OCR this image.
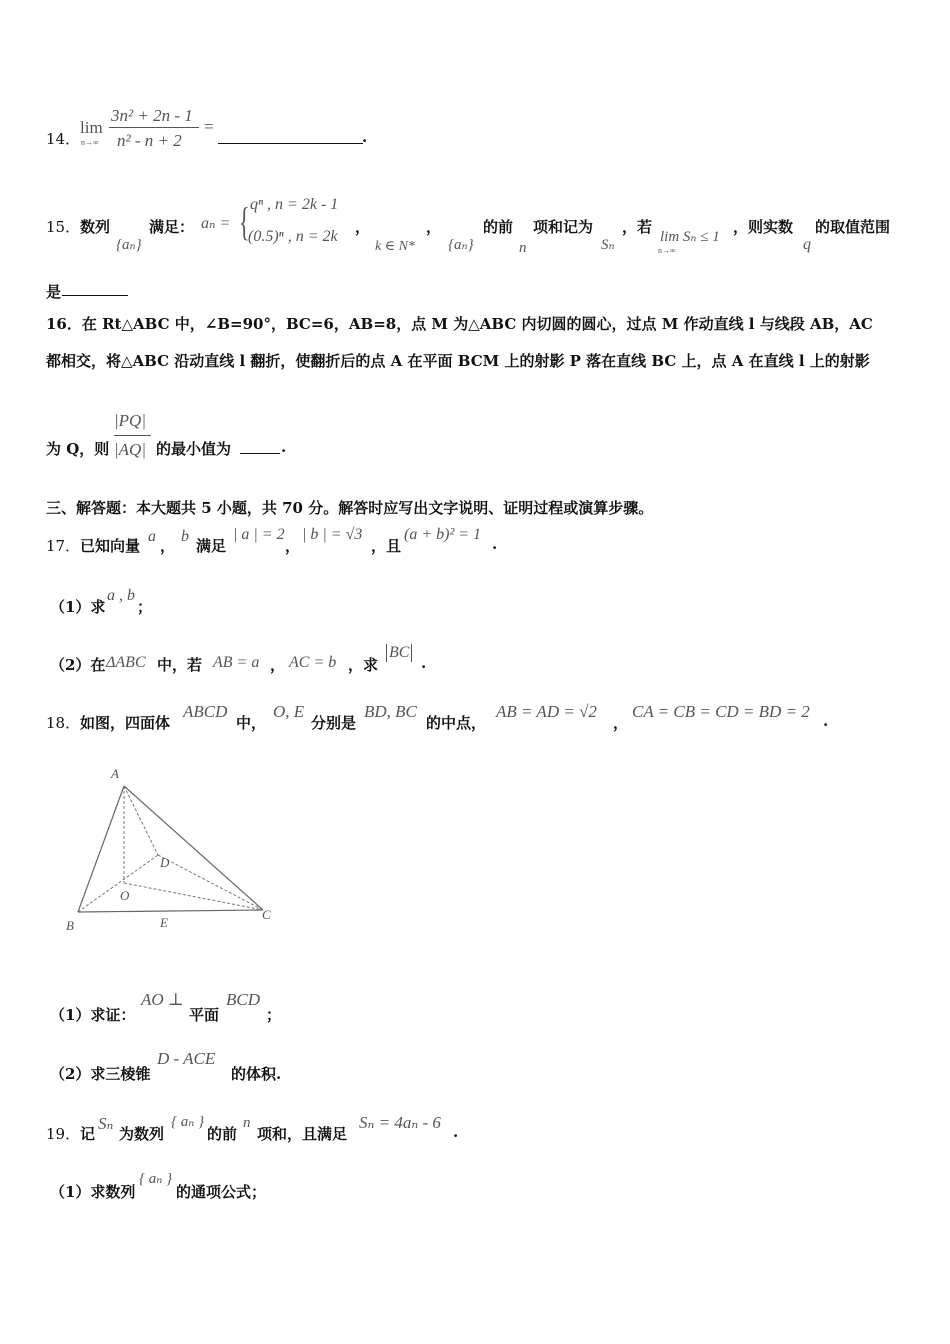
14．
lim
n→∞
3n² + 2n - 1
n² - n + 2
=
.
15． 数列
{aₙ}
满足： aₙ = { qⁿ , n = 2k - 1
(0.5)ⁿ , n = 2k
，
k ∈ N*
，
{aₙ}
的前
n
项和记为
Sₙ
，若
lim Sₙ ≤ 1
n→∞
，则实数
q
的取值范围
是
16．在 Rt△ABC 中，∠B=90°，BC=6，AB=8，点 M 为△ABC 内切圆的圆心，过点 M 作动直线 l 与线段 AB，AC
都相交，将△ABC 沿动直线 l 翻折，使翻折后的点 A 在平面 BCM 上的射影 P 落在直线 BC 上，点 A 在直线 l 上的射影
为 Q，则
|PQ|
|AQ| 的最小值为	.
三、解答题：本大题共 5 小题，共 70 分。解答时应写出文字说明、证明过程或演算步骤。
17． 已知向量
a
，
b
满足
| a | = 2
，
| b | = √3
，且
(a + b)² = 1
.
（1）求
a , b
；
（2）在 ΔABC 中，若 AB = a ， AC = b ，求
BC
.
18． 如图，四面体
ABCD
中，
O, E
分别是
BD, BC
的中点，
AB = AD = √2
，
CA = CB = CD = BD = 2 .
A
D
O
B	E
C
（1）求证：
AO ⊥
平面
BCD
；
（2）求三棱锥
D - ACE
的体积.
19． 记
Sₙ
为数列
{ aₙ }
的前
n
项和，且满足
Sₙ = 4aₙ - 6 .
（1）求数列
{ aₙ }
的通项公式；
